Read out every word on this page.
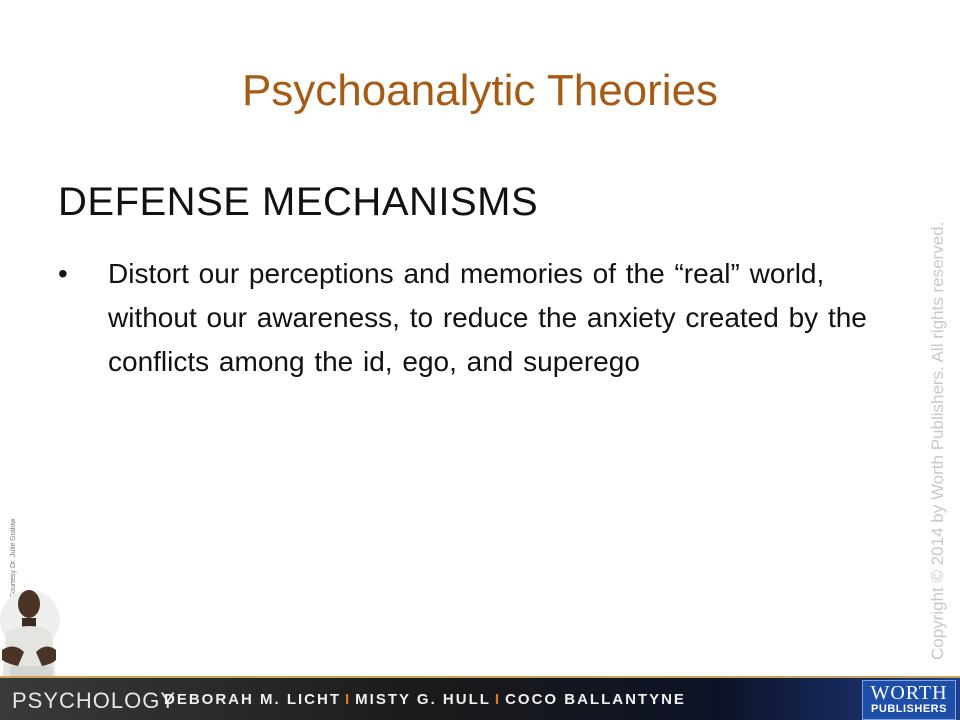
Psychoanalytic Theories
DEFENSE MECHANISMS
• Distort our perceptions and memories of the “real” world, without our awareness, to reduce the anxiety created by the conflicts among the id, ego, and superego	Copyright © 2014 by Worth Publishers. All rights reserved.
Courtesy Dr. Julie Gralow
PSYCHOLOGY
DEBORAH M. LICHT I MISTY G. HULL I COCO BALLANTYNE	WORTH
PUBLISHERS
